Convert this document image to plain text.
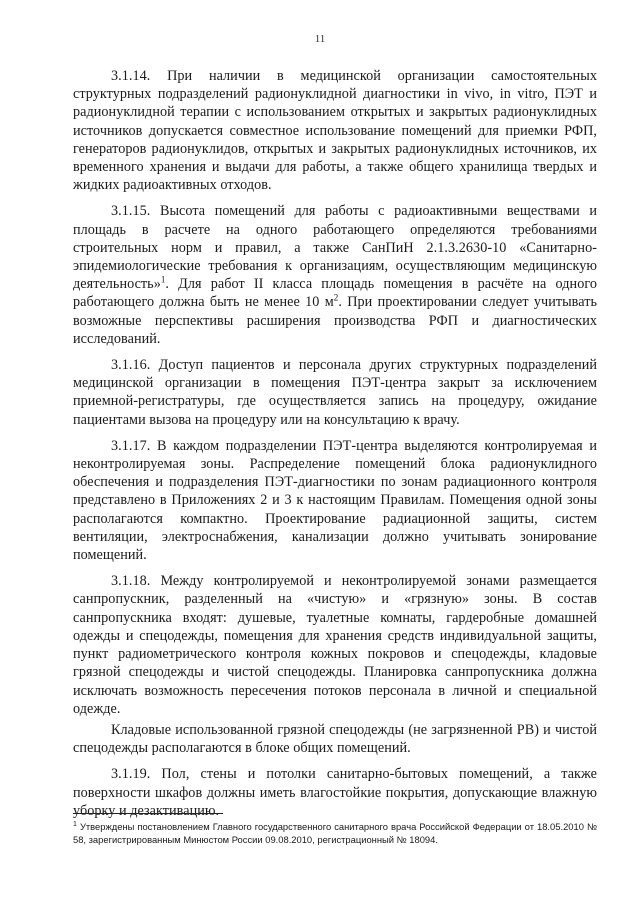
11

3.1.14. При наличии в медицинской организации самостоятельных структурных подразделений радионуклидной диагностики in vivo, in vitro, ПЭТ и радионуклидной терапии с использованием открытых и закрытых радионуклидных источников допускается совместное использование помещений для приемки РФП, генераторов радионуклидов, открытых и закрытых радионуклидных источников, их временного хранения и выдачи для работы, а также общего хранилища твердых и жидких радиоактивных отходов.

3.1.15. Высота помещений для работы с радиоактивными веществами и площадь в расчете на одного работающего определяются требованиями строительных норм и правил, а также СанПиН 2.1.3.2630-10 «Санитарно-эпидемиологические требования к организациям, осуществляющим медицинскую деятельность»$^1$. Для работ II класса площадь помещения в расчёте на одного работающего должна быть не менее 10 $м^2$. При проектировании следует учитывать возможные перспективы расширения производства РФП и диагностических исследований.

3.1.16. Доступ пациентов и персонала других структурных подразделений медицинской организации в помещения ПЭТ-центра закрыт за исключением приемной-регистратуры, где осуществляется запись на процедуру, ожидание пациентами вызова на процедуру или на консультацию к врачу.

3.1.17. В каждом подразделении ПЭТ-центра выделяются контролируемая и неконтролируемая зоны. Распределение помещений блока радионуклидного обеспечения и подразделения ПЭТ-диагностики по зонам радиационного контроля представлено в Приложениях 2 и 3 к настоящим Правилам. Помещения одной зоны располагаются компактно. Проектирование радиационной защиты, систем вентиляции, электроснабжения, канализации должно учитывать зонирование помещений.

3.1.18. Между контролируемой и неконтролируемой зонами размещается санпропускник, разделенный на «чистую» и «грязную» зоны. В состав санпропускника входят: душевые, туалетные комнаты, гардеробные домашней одежды и спецодежды, помещения для хранения средств индивидуальной защиты, пункт радиометрического контроля кожных покровов и спецодежды, кладовые грязной спецодежды и чистой спецодежды. Планировка санпропускника должна исключать возможность пересечения потоков персонала в личной и специальной одежде.

Кладовые использованной грязной спецодежды (не загрязненной РВ) и чистой спецодежды располагаются в блоке общих помещений.

3.1.19. Пол, стены и потолки санитарно-бытовых помещений, а также поверхности шкафов должны иметь влагостойкие покрытия, допускающие влажную уборку и дезактивацию.

$^1$ Утверждены постановлением Главного государственного санитарного врача Российской Федерации от 18.05.2010 № 58, зарегистрированным Минюстом России 09.08.2010, регистрационный № 18094.
